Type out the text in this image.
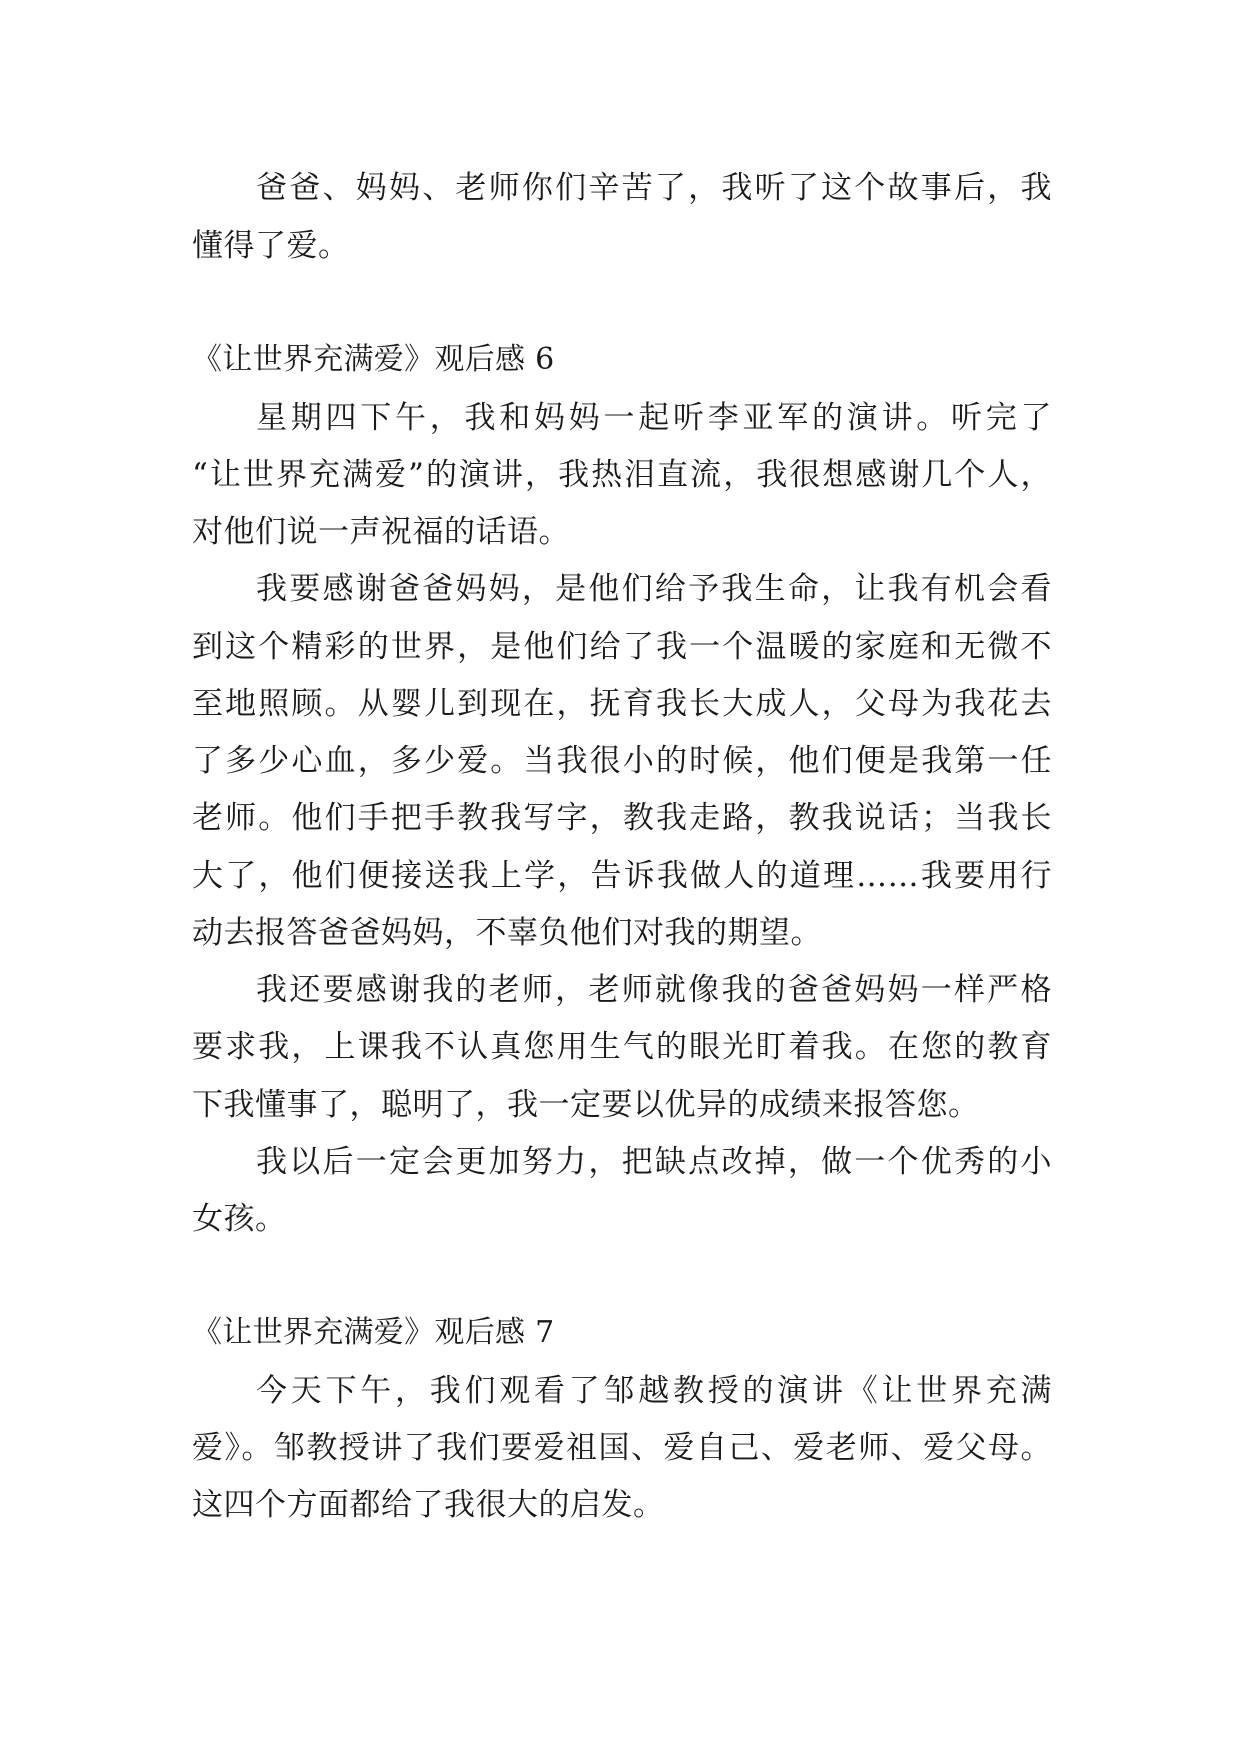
爸爸、妈妈、老师你们辛苦了，我听了这个故事后，我
懂得了爱。
《让世界充满爱》观后感 6
星期四下午，我和妈妈一起听李亚军的演讲。听完了
“让世界充满爱”的演讲，我热泪直流，我很想感谢几个人，
对他们说一声祝福的话语。
我要感谢爸爸妈妈，是他们给予我生命，让我有机会看
到这个精彩的世界，是他们给了我一个温暖的家庭和无微不
至地照顾。从婴儿到现在，抚育我长大成人，父母为我花去
了多少心血，多少爱。当我很小的时候，他们便是我第一任
老师。他们手把手教我写字，教我走路，教我说话；当我长
大了，他们便接送我上学，告诉我做人的道理……我要用行
动去报答爸爸妈妈，不辜负他们对我的期望。
我还要感谢我的老师，老师就像我的爸爸妈妈一样严格
要求我，上课我不认真您用生气的眼光盯着我。在您的教育
下我懂事了，聪明了，我一定要以优异的成绩来报答您。
我以后一定会更加努力，把缺点改掉，做一个优秀的小
女孩。
《让世界充满爱》观后感 7
今天下午，我们观看了邹越教授的演讲《让世界充满
爱》。邹教授讲了我们要爱祖国、爱自己、爱老师、爱父母。
这四个方面都给了我很大的启发。
